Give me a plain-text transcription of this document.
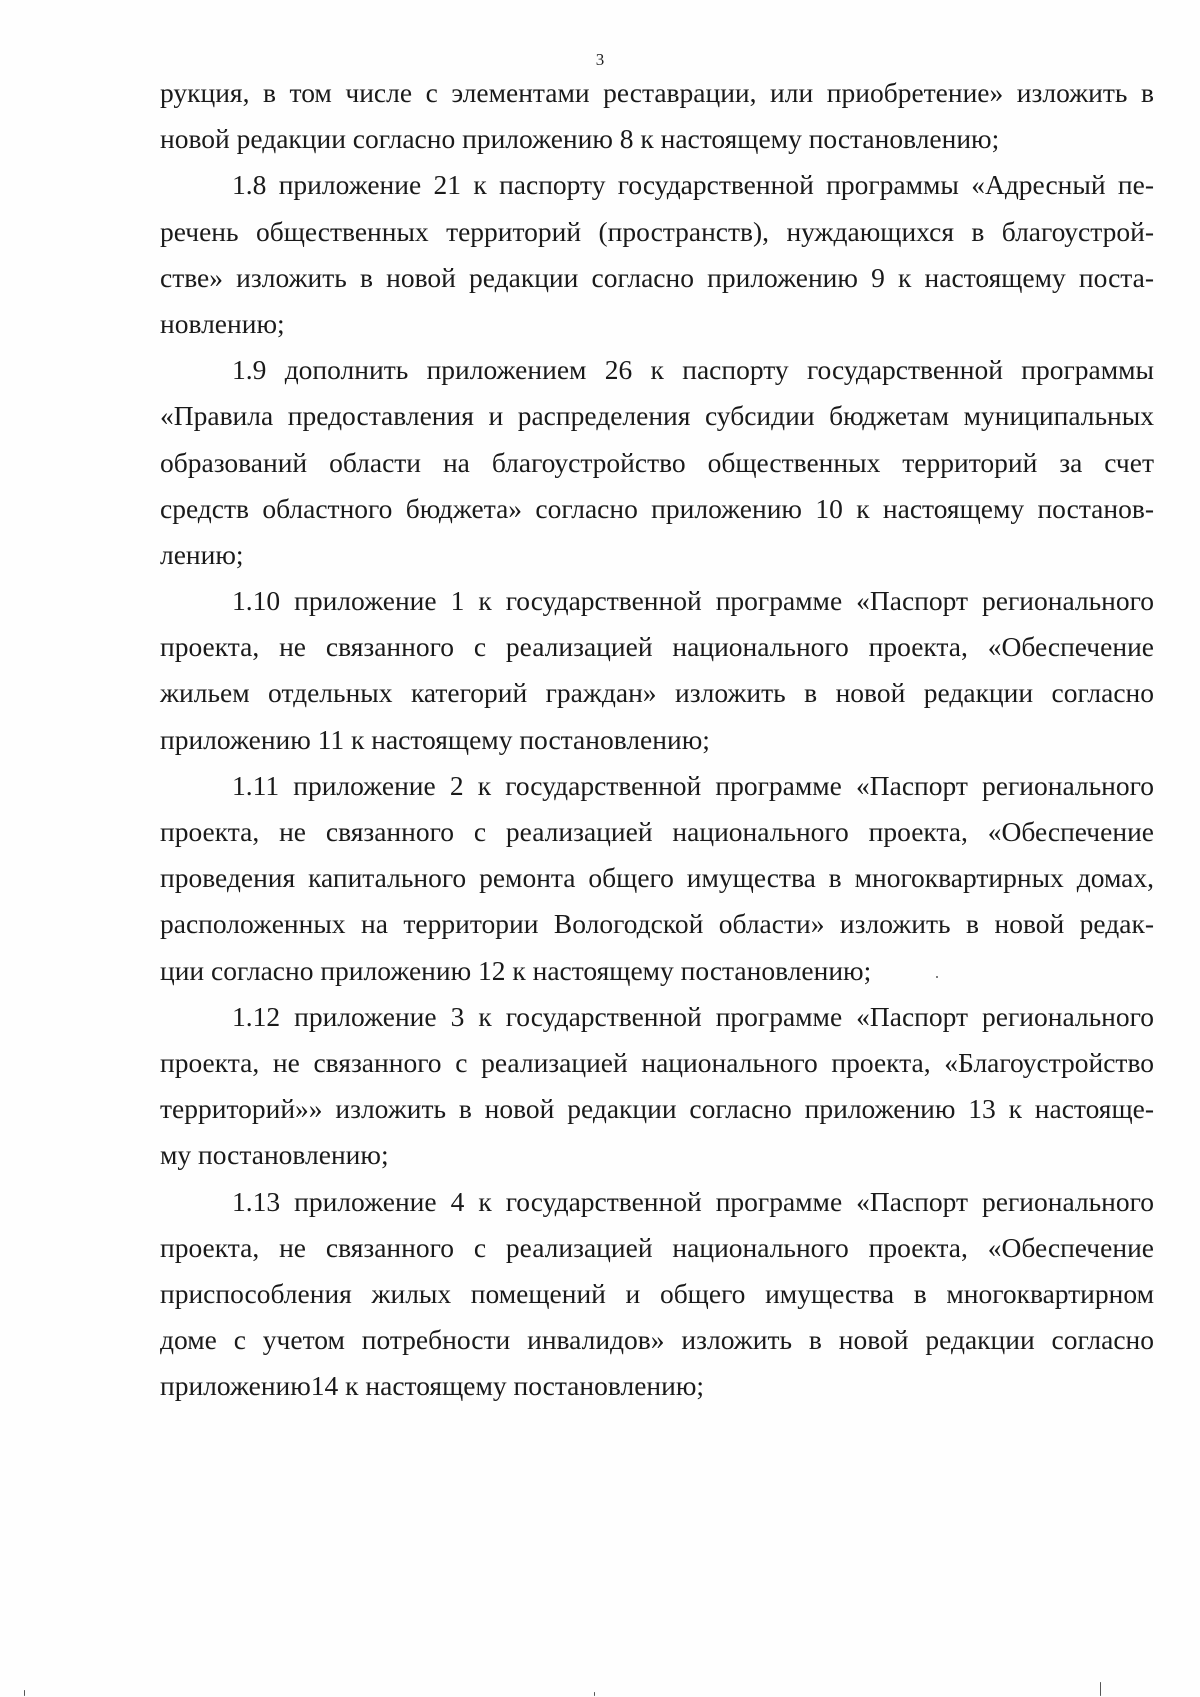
3
рукция, в том числе с элементами реставрации, или приобретение» изложить в
новой редакции согласно приложению 8 к настоящему постановлению;
1.8 приложение 21 к паспорту государственной программы «Адресный пе-
речень общественных территорий (пространств), нуждающихся в благоустрой-
стве» изложить в новой редакции согласно приложению 9 к настоящему поста-
новлению;
1.9 дополнить приложением 26 к паспорту государственной программы
«Правила предоставления и распределения субсидии бюджетам муниципальных
образований области на благоустройство общественных территорий за счет
средств областного бюджета» согласно приложению 10 к настоящему постанов-
лению;
1.10 приложение 1 к государственной программе «Паспорт регионального
проекта, не связанного с реализацией национального проекта, «Обеспечение
жильем отдельных категорий граждан» изложить в новой редакции согласно
приложению 11 к настоящему постановлению;
1.11 приложение 2 к государственной программе «Паспорт регионального
проекта, не связанного с реализацией национального проекта, «Обеспечение
проведения капитального ремонта общего имущества в многоквартирных домах,
расположенных на территории Вологодской области» изложить в новой редак-
ции согласно приложению 12 к настоящему постановлению;
1.12 приложение 3 к государственной программе «Паспорт регионального
проекта, не связанного с реализацией национального проекта, «Благоустройство
территорий»» изложить в новой редакции согласно приложению 13 к настояще-
му постановлению;
1.13 приложение 4 к государственной программе «Паспорт регионального
проекта, не связанного с реализацией национального проекта, «Обеспечение
приспособления жилых помещений и общего имущества в многоквартирном
доме с учетом потребности инвалидов» изложить в новой редакции согласно
приложению14 к настоящему постановлению;
